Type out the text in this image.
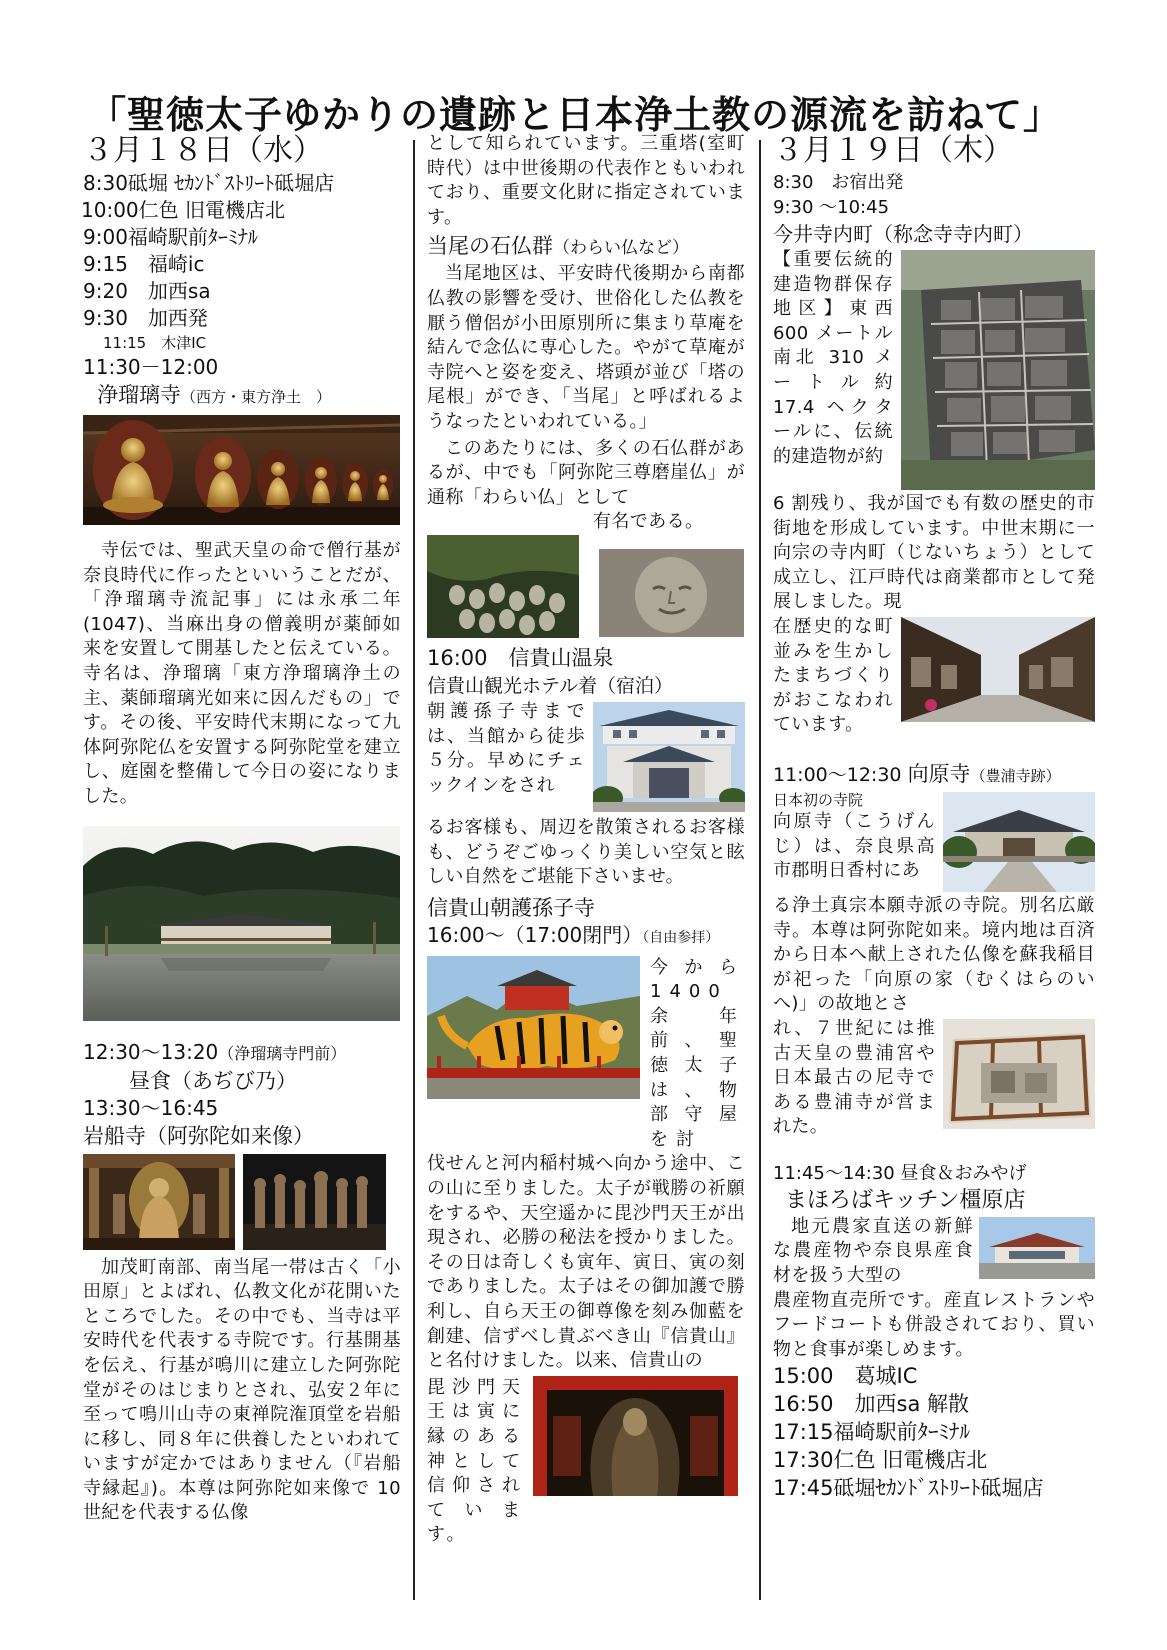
「聖徳太子ゆかりの遺跡と日本浄土教の源流を訪ねて」
３月１８日（水）
8:30砥堀 ｾｶﾝﾄﾞｽﾄﾘｰﾄ砥堀店
10:00仁色 旧電機店北
9:00福崎駅前ﾀｰﾐﾅﾙ
9:15　福崎ic
9:20　加西sa
9:30　加西発
11:15　木津IC
11:30－12:00
浄瑠璃寺（西方・東方浄土　）

寺伝では、聖武天皇の命で僧行基が奈良時代に作ったといいうことだが、「浄瑠璃寺流記事」には永承二年(1047)、当麻出身の僧義明が薬師如来を安置して開基したと伝えている。寺名は、浄瑠璃「東方浄瑠璃浄土の主、薬師瑠璃光如来に因んだもの」です。その後、平安時代末期になって九体阿弥陀仏を安置する阿弥陀堂を建立し、庭園を整備して今日の姿になりました。

12:30～13:20（浄瑠璃寺門前）
昼食（あぢび乃）
13:30～16:45
岩船寺（阿弥陀如来像）

加茂町南部、南当尾一帯は古く「小田原」とよばれ、仏教文化が花開いたところでした。その中でも、当寺は平安時代を代表する寺院です。行基開基を伝え、行基が鳴川に建立した阿弥陀堂がそのはじまりとされ、弘安２年に至って鳴川山寺の東禅院潅頂堂を岩船に移し、同８年に供養したといわれていますが定かではありません（『岩船寺縁起』)。本尊は阿弥陀如来像で 10 世紀を代表する仏像

として知られています。三重塔(室町時代）は中世後期の代表作ともいわれており、重要文化財に指定されています。

当尾の石仏群（わらい仏など）

当尾地区は、平安時代後期から南都仏教の影響を受け、世俗化した仏教を厭う僧侶が小田原別所に集まり草庵を結んで念仏に専心した。やがて草庵が寺院へと姿を変え、塔頭が並び「塔の尾根」ができ、「当尾」と呼ばれるようなったといわれている。」

このあたりには、多くの石仏群があるが、中でも「阿弥陀三尊磨崖仏」が通称「わらい仏」として

有名である。

16:00　信貴山温泉
信貴山観光ホテル着（宿泊）

朝護孫子寺までは、当館から徒歩５分。早めにチェックインをされ

るお客様も、周辺を散策されるお客様も、どうぞごゆっくり美しい空気と眩しい自然をご堪能下さいませ。

信貴山朝護孫子寺
16:00～（17:00閉門）（自由参拝）

今から1400余年前、聖徳太子は、物部守屋を討

伐せんと河内稲村城へ向かう途中、この山に至りました。太子が戦勝の祈願をするや、天空遥かに毘沙門天王が出現され、必勝の秘法を授かりました。その日は奇しくも寅年、寅日、寅の刻でありました。太子はその御加護で勝利し、自ら天王の御尊像を刻み伽藍を創建、信ずべし貴ぶべき山『信貴山』と名付けました。以来、信貴山の

毘沙門天王は寅に縁のある神として信仰されています。

３月１９日（木）
8:30　お宿出発
9:30 ～10:45
今井寺内町（称念寺寺内町）

【重要伝統的建造物群保存地区】東西 600 メートル南北 310 メートル約 17.4 ヘクタールに、伝統的建造物が約

6 割残り、我が国でも有数の歴史的市街地を形成しています。中世末期に一向宗の寺内町（じないちょう）として成立し、江戸時代は商業都市として発展しました。現

在歴史的な町並みを生かしたまちづくりがおこなわれています。

11:00～12:30 向原寺（豊浦寺跡）
日本初の寺院

向原寺（こうげんじ）は、奈良県高市郡明日香村にあ

る浄土真宗本願寺派の寺院。別名広厳寺。本尊は阿弥陀如来。境内地は百済から日本へ献上された仏像を蘇我稲目が祀った「向原の家（むくはらのいへ)」の故地とさ

れ、７世紀には推古天皇の豊浦宮や日本最古の尼寺である豊浦寺が営まれた。

11:45～14:30 昼食＆おみやげ
まほろばキッチン橿原店

地元農家直送の新鮮な農産物や奈良県産食材を扱う大型の

農産物直売所です。産直レストランやフードコートも併設されており、買い物と食事が楽しめます。

15:00　葛城IC
16:50　加西sa 解散
17:15福崎駅前ﾀｰﾐﾅﾙ
17:30仁色 旧電機店北
17:45砥堀ｾｶﾝﾄﾞｽﾄﾘｰﾄ砥堀店
